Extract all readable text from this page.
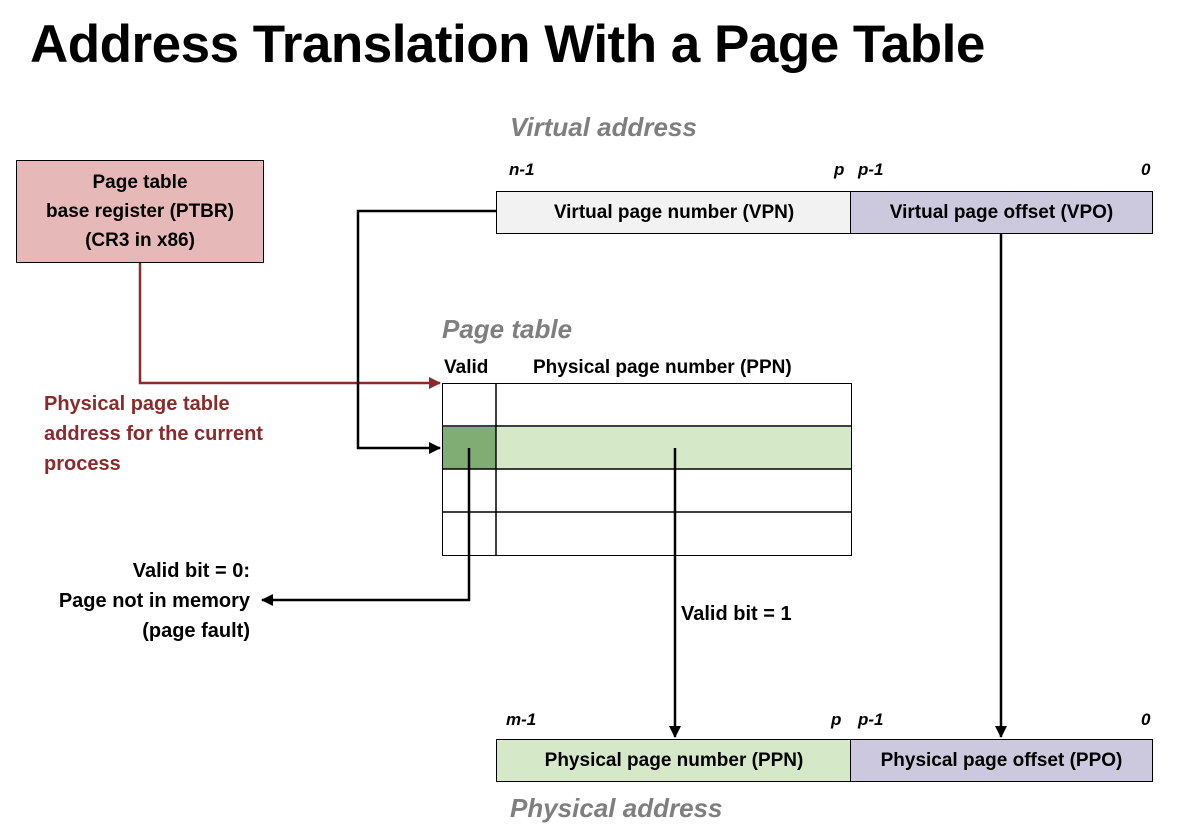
Address Translation With a Page Table
Virtual address
n-1	p p-1	0
Virtual page number (VPN)	Virtual page offset (VPO)
Page table
base register (PTBR)
(CR3 in x86)
Physical page table
address for the current
process
Page table
Valid Physical page number (PPN)
Valid bit = 0:
Page not in memory
(page fault)
Valid bit = 1
m-1	p p-1	0
Physical page number (PPN)	Physical page offset (PPO)
Physical address
